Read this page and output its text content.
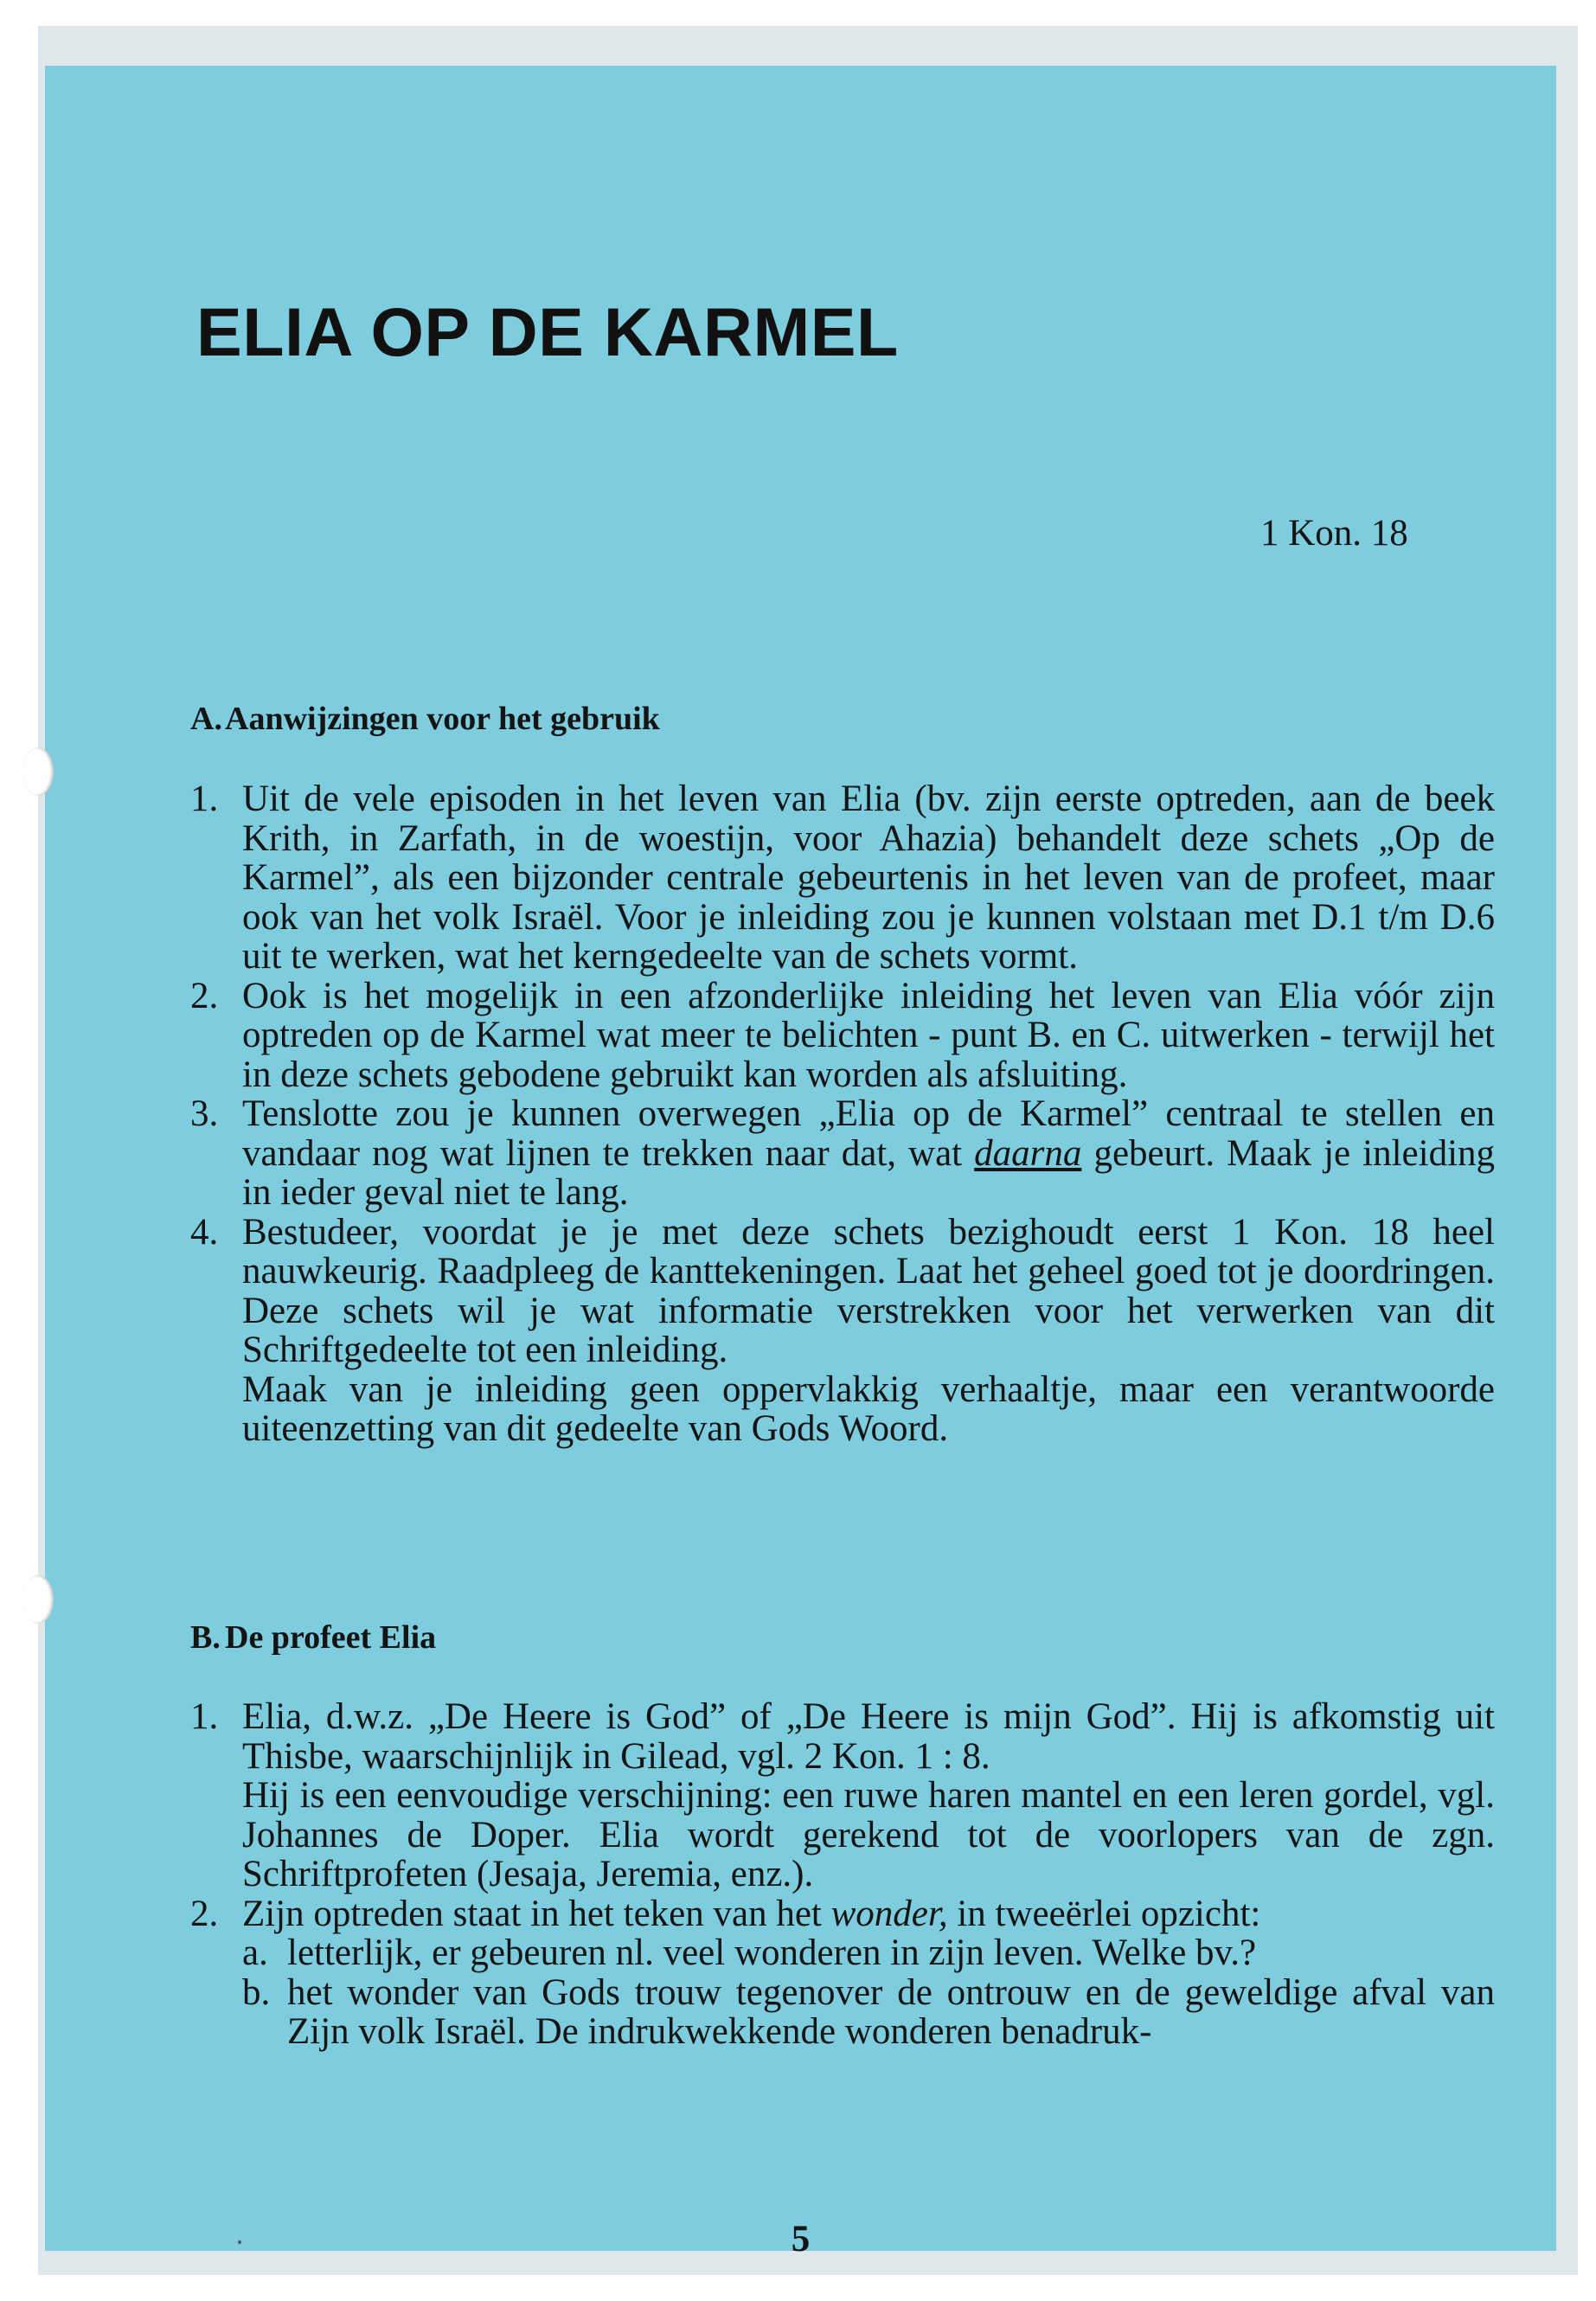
ELIA OP DE KARMEL
1 Kon. 18
A.Aanwijzingen voor het gebruik
1. Uit de vele episoden in het leven van Elia (bv. zijn eerste optreden, aan de beek Krith, in Zarfath, in de woestijn, voor Ahazia) behandelt deze schets „Op de Karmel”, als een bijzonder centrale gebeurtenis in het leven van de profeet, maar ook van het volk Israël. Voor je inleiding zou je kunnen volstaan met D.1 t/m D.6 uit te werken, wat het kerngedeelte van de schets vormt.

2. Ook is het mogelijk in een afzonderlijke inleiding het leven van Elia vóór zijn optreden op de Karmel wat meer te belichten - punt B. en C. uitwerken - terwijl het in deze schets gebodene gebruikt kan worden als afsluiting.

3. Tenslotte zou je kunnen overwegen „Elia op de Karmel” centraal te stellen en vandaar nog wat lijnen te trekken naar dat, wat daarna gebeurt. Maak je inleiding in ieder geval niet te lang.

4. Bestudeer, voordat je je met deze schets bezighoudt eerst 1 Kon. 18 heel nauwkeurig. Raadpleeg de kanttekeningen. Laat het geheel goed tot je doordringen. Deze schets wil je wat informatie verstrekken voor het verwerken van dit Schriftgedeelte tot een inleiding.

Maak van je inleiding geen oppervlakkig verhaaltje, maar een verantwoorde uiteenzetting van dit gedeelte van Gods Woord.

B. De profeet Elia
1. Elia, d.w.z. „De Heere is God” of „De Heere is mijn God”. Hij is afkomstig uit Thisbe, waarschijnlijk in Gilead, vgl. 2 Kon. 1 : 8.

Hij is een eenvoudige verschijning: een ruwe haren mantel en een leren gordel, vgl. Johannes de Doper. Elia wordt gerekend tot de voorlopers van de zgn. Schriftprofeten (Jesaja, Jeremia, enz.).

2. Zijn optreden staat in het teken van het wonder, in tweeërlei opzicht:

a. letterlijk, er gebeuren nl. veel wonderen in zijn leven. Welke bv.?
b. het wonder van Gods trouw tegenover de ontrouw en de geweldige afval van Zijn volk Israël. De indrukwekkende wonderen benadruk-
5
